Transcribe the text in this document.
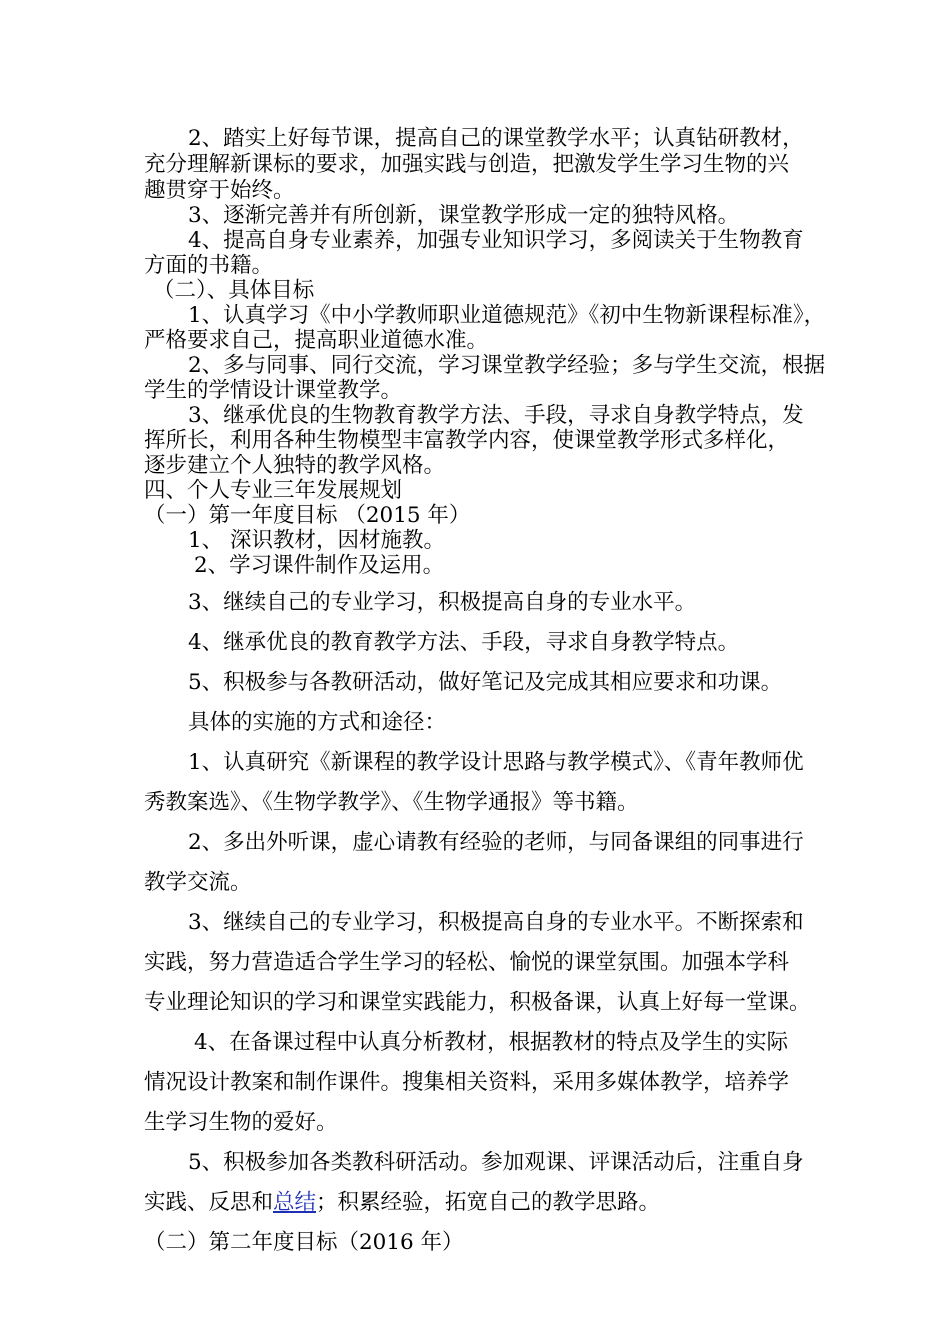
2、踏实上好每节课，提高自己的课堂教学水平；认真钻研教材，
充分理解新课标的要求，加强实践与创造，把激发学生学习生物的兴
趣贯穿于始终。
3、逐渐完善并有所创新，课堂教学形成一定的独特风格。
4、提高自身专业素养，加强专业知识学习，多阅读关于生物教育
方面的书籍。
（二）、具体目标
1、认真学习《中小学教师职业道德规范》《初中生物新课程标准》，
严格要求自己，提高职业道德水准。
2、多与同事、同行交流，学习课堂教学经验；多与学生交流，根据
学生的学情设计课堂教学。
3、继承优良的生物教育教学方法、手段，寻求自身教学特点，发
挥所长，利用各种生物模型丰富教学内容，使课堂教学形式多样化，
逐步建立个人独特的教学风格。
四、个人专业三年发展规划
（一）第一年度目标 （2015 年）
1、 深识教材，因材施教。
2、学习课件制作及运用。
3、继续自己的专业学习，积极提高自身的专业水平。
4、继承优良的教育教学方法、手段，寻求自身教学特点。
5、积极参与各教研活动，做好笔记及完成其相应要求和功课。
具体的实施的方式和途径：
1、认真研究《新课程的教学设计思路与教学模式》、《青年教师优
秀教案选》、《生物学教学》、《生物学通报》等书籍。
2、多出外听课，虚心请教有经验的老师，与同备课组的同事进行
教学交流。
3、继续自己的专业学习，积极提高自身的专业水平。不断探索和
实践，努力营造适合学生学习的轻松、愉悦的课堂氛围。加强本学科
专业理论知识的学习和课堂实践能力，积极备课，认真上好每一堂课。
4、在备课过程中认真分析教材，根据教材的特点及学生的实际
情况设计教案和制作课件。搜集相关资料，采用多媒体教学，培养学
生学习生物的爱好。
5、积极参加各类教科研活动。参加观课、评课活动后，注重自身
实践、反思和总结；积累经验，拓宽自己的教学思路。
（二）第二年度目标（2016 年）
